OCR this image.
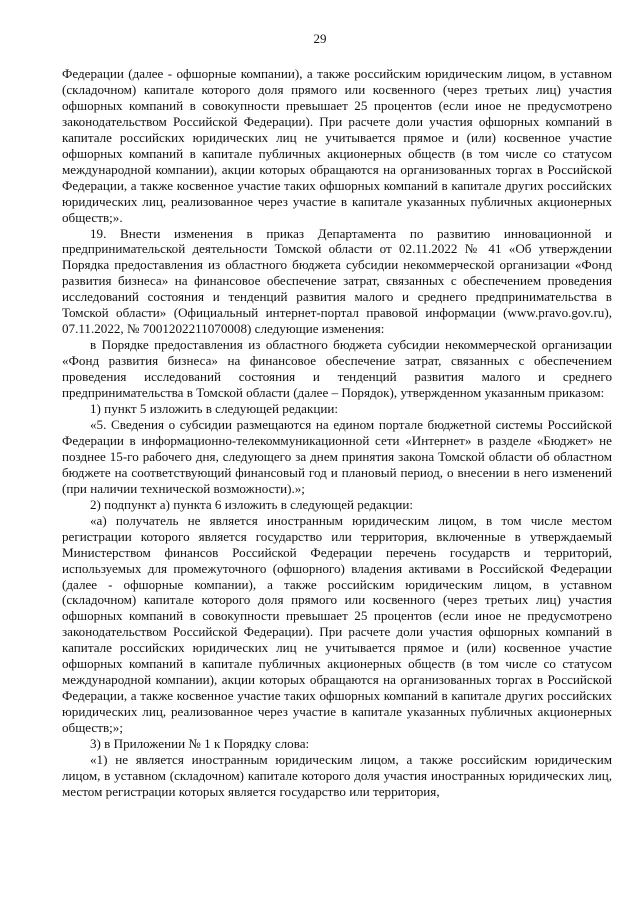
29

Федерации (далее - офшорные компании), а также российским юридическим лицом, в уставном (складочном) капитале которого доля прямого или косвенного (через третьих лиц) участия офшорных компаний в совокупности превышает 25 процентов (если иное не предусмотрено законодательством Российской Федерации). При расчете доли участия офшорных компаний в капитале российских юридических лиц не учитывается прямое и (или) косвенное участие офшорных компаний в капитале публичных акционерных обществ (в том числе со статусом международной компании), акции которых обращаются на организованных торгах в Российской Федерации, а также косвенное участие таких офшорных компаний в капитале других российских юридических лиц, реализованное через участие в капитале указанных публичных акционерных обществ;».

19. Внести изменения в приказ Департамента по развитию инновационной и предпринимательской деятельности Томской области от 02.11.2022 № 41 «Об утверждении Порядка предоставления из областного бюджета субсидии некоммерческой организации «Фонд развития бизнеса» на финансовое обеспечение затрат, связанных с обеспечением проведения исследований состояния и тенденций развития малого и среднего предпринимательства в Томской области» (Официальный интернет-портал правовой информации (www.pravo.gov.ru), 07.11.2022, № 7001202211070008) следующие изменения:

в Порядке предоставления из областного бюджета субсидии некоммерческой организации «Фонд развития бизнеса» на финансовое обеспечение затрат, связанных с обеспечением проведения исследований состояния и тенденций развития малого и среднего предпринимательства в Томской области (далее – Порядок), утвержденном указанным приказом:

1) пункт 5 изложить в следующей редакции:

«5. Сведения о субсидии размещаются на едином портале бюджетной системы Российской Федерации в информационно-телекоммуникационной сети «Интернет» в разделе «Бюджет» не позднее 15-го рабочего дня, следующего за днем принятия закона Томской области об областном бюджете на соответствующий финансовый год и плановый период, о внесении в него изменений (при наличии технической возможности).»;

2) подпункт а) пункта 6 изложить в следующей редакции:

«а) получатель не является иностранным юридическим лицом, в том числе местом регистрации которого является государство или территория, включенные в утверждаемый Министерством финансов Российской Федерации перечень государств и территорий, используемых для промежуточного (офшорного) владения активами в Российской Федерации (далее - офшорные компании), а также российским юридическим лицом, в уставном (складочном) капитале которого доля прямого или косвенного (через третьих лиц) участия офшорных компаний в совокупности превышает 25 процентов (если иное не предусмотрено законодательством Российской Федерации). При расчете доли участия офшорных компаний в капитале российских юридических лиц не учитывается прямое и (или) косвенное участие офшорных компаний в капитале публичных акционерных обществ (в том числе со статусом международной компании), акции которых обращаются на организованных торгах в Российской Федерации, а также косвенное участие таких офшорных компаний в капитале других российских юридических лиц, реализованное через участие в капитале указанных публичных акционерных обществ;»;

3) в Приложении № 1 к Порядку слова:

«1) не является иностранным юридическим лицом, а также российским юридическим лицом, в уставном (складочном) капитале которого доля участия иностранных юридических лиц, местом регистрации которых является государство или территория,
